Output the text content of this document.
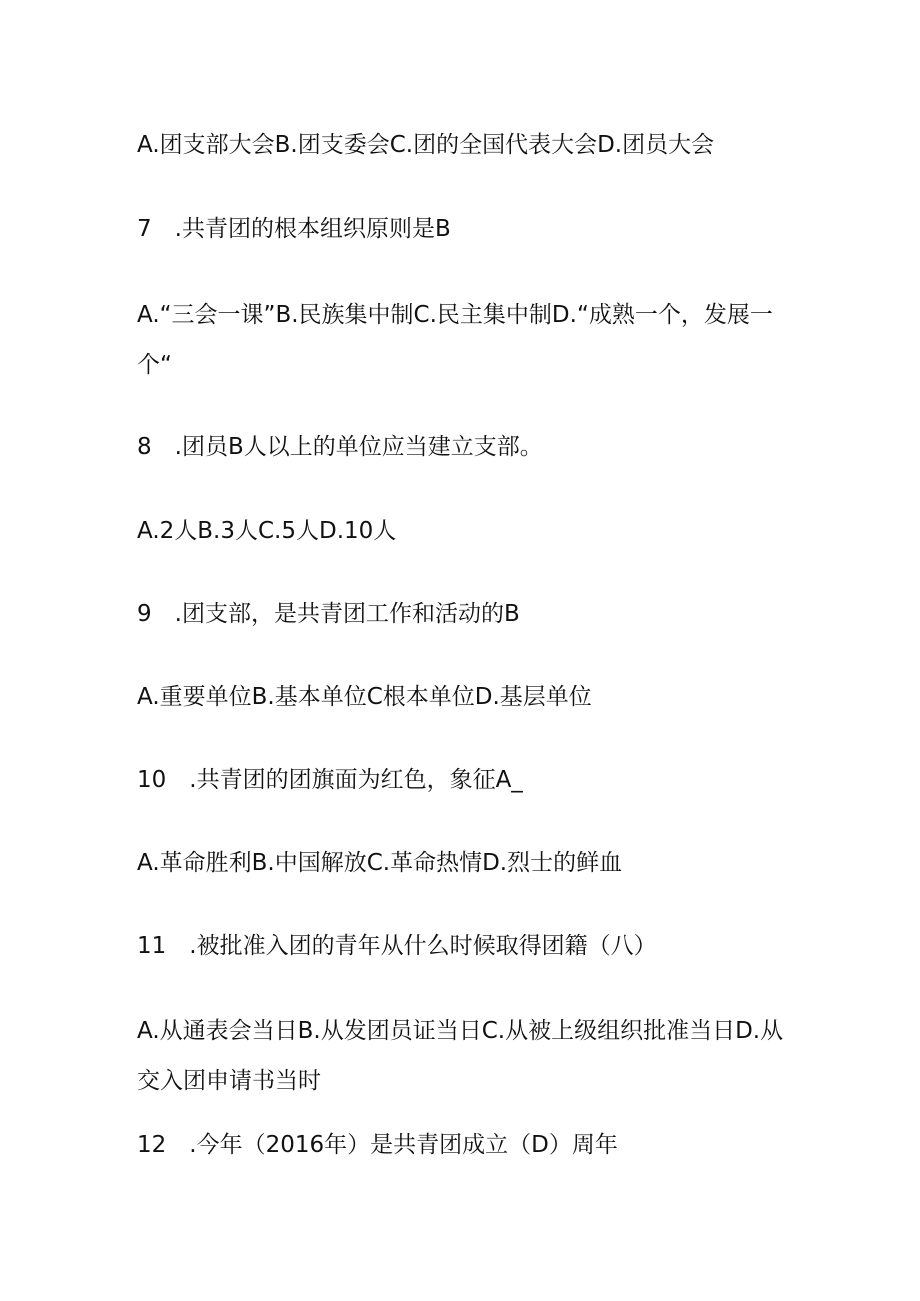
A.团支部大会B.团支委会C.团的全国代表大会D.团员大会
7　.共青团的根本组织原则是B
A.“三会一课”B.民族集中制C.民主集中制D.“成熟一个，发展一个“
8　.团员B人以上的单位应当建立支部。
A.2人B.3人C.5人D.10人
9　.团支部，是共青团工作和活动的B
A.重要单位B.基本单位C根本单位D.基层单位
10　.共青团的团旗面为红色，象征A_
A.革命胜利B.中国解放C.革命热情D.烈士的鲜血
11　.被批准入团的青年从什么时候取得团籍（八）
A.从通表会当日B.从发团员证当日C.从被上级组织批准当日D.从交入团申请书当时
12　.今年（2016年）是共青团成立（D）周年
